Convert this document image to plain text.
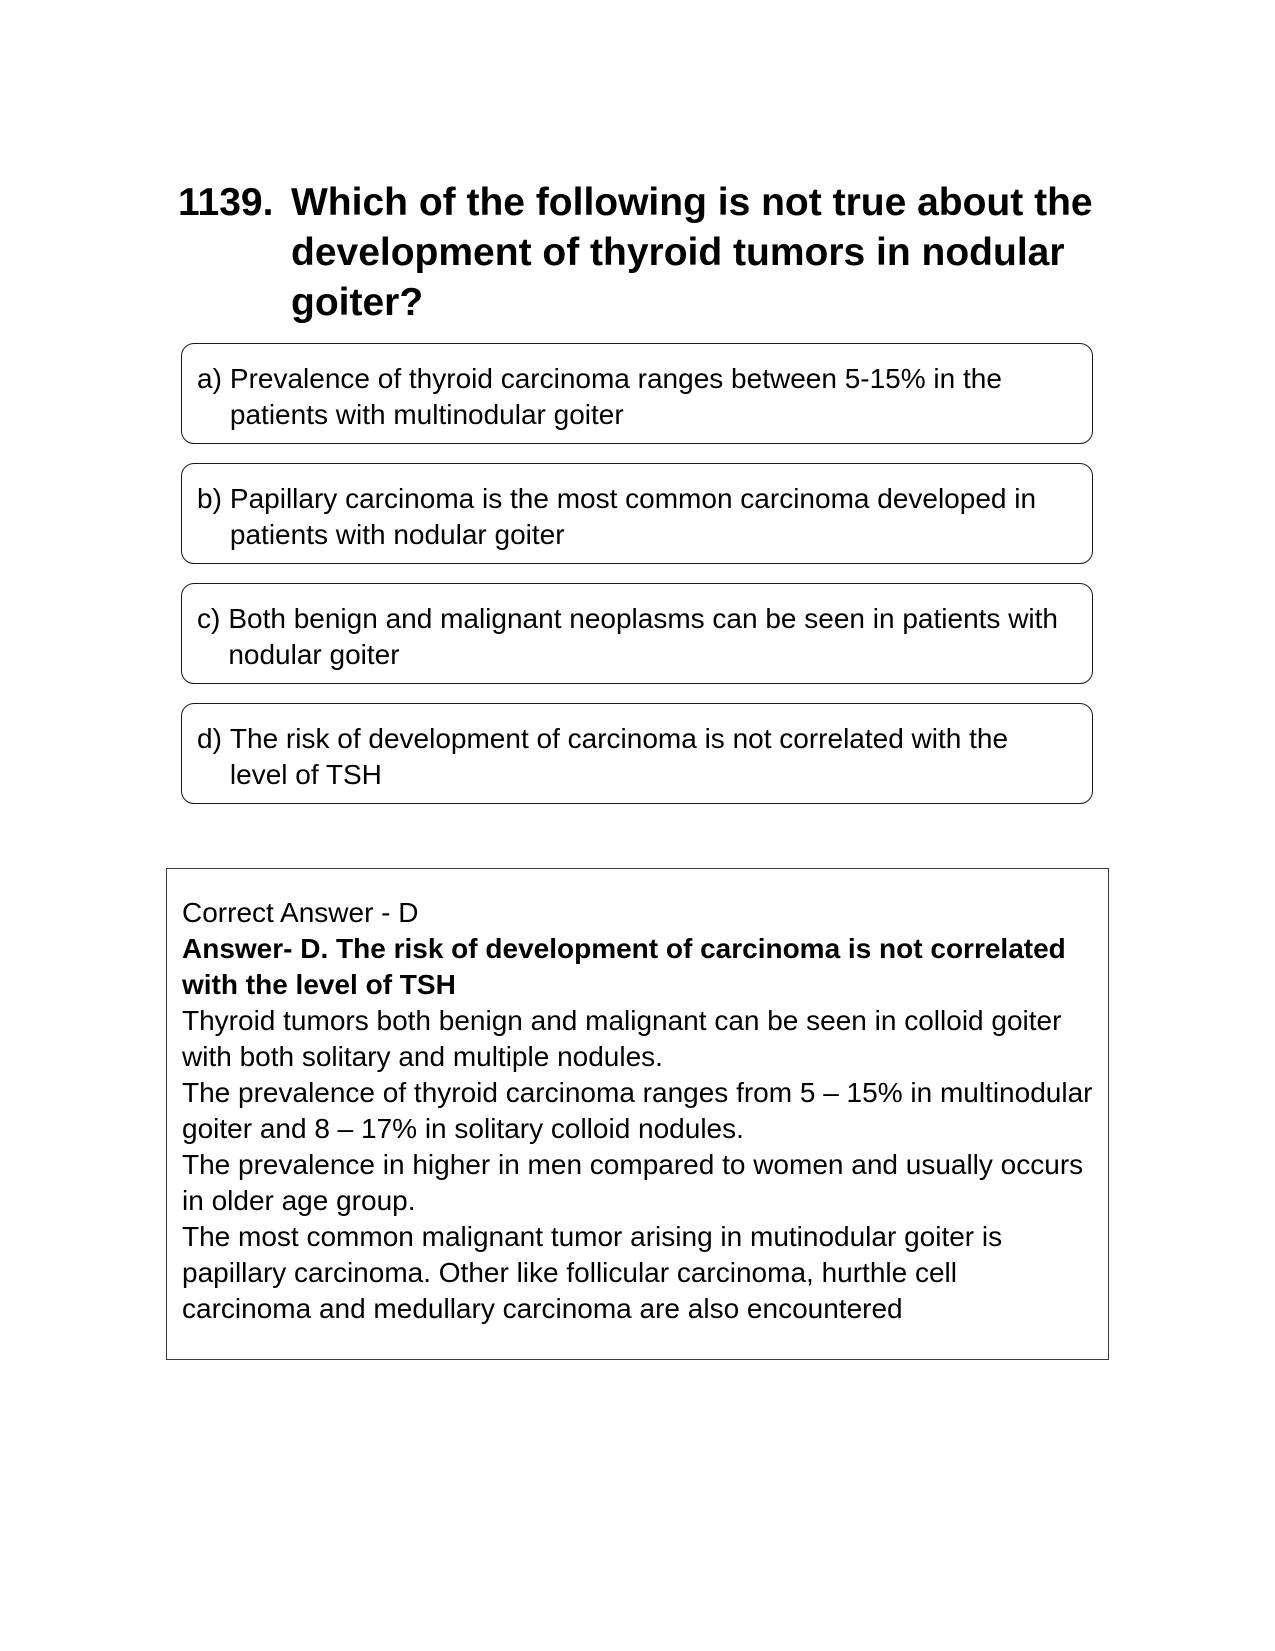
1139. Which of the following is not true about the development of thyroid tumors in nodular goiter?
a) Prevalence of thyroid carcinoma ranges between 5-15% in the patients with multinodular goiter
b) Papillary carcinoma is the most common carcinoma developed in patients with nodular goiter
c) Both benign and malignant neoplasms can be seen in patients with nodular goiter
d) The risk of development of carcinoma is not correlated with the level of TSH

Correct Answer - D

Answer- D. The risk of development of carcinoma is not correlated with the level of TSH

Thyroid tumors both benign and malignant can be seen in colloid goiter with both solitary and multiple nodules.

The prevalence of thyroid carcinoma ranges from 5 – 15% in multinodular goiter and 8 – 17% in solitary colloid nodules.

The prevalence in higher in men compared to women and usually occurs in older age group.

The most common malignant tumor arising in mutinodular goiter is papillary carcinoma. Other like follicular carcinoma, hurthle cell carcinoma and medullary carcinoma are also encountered
